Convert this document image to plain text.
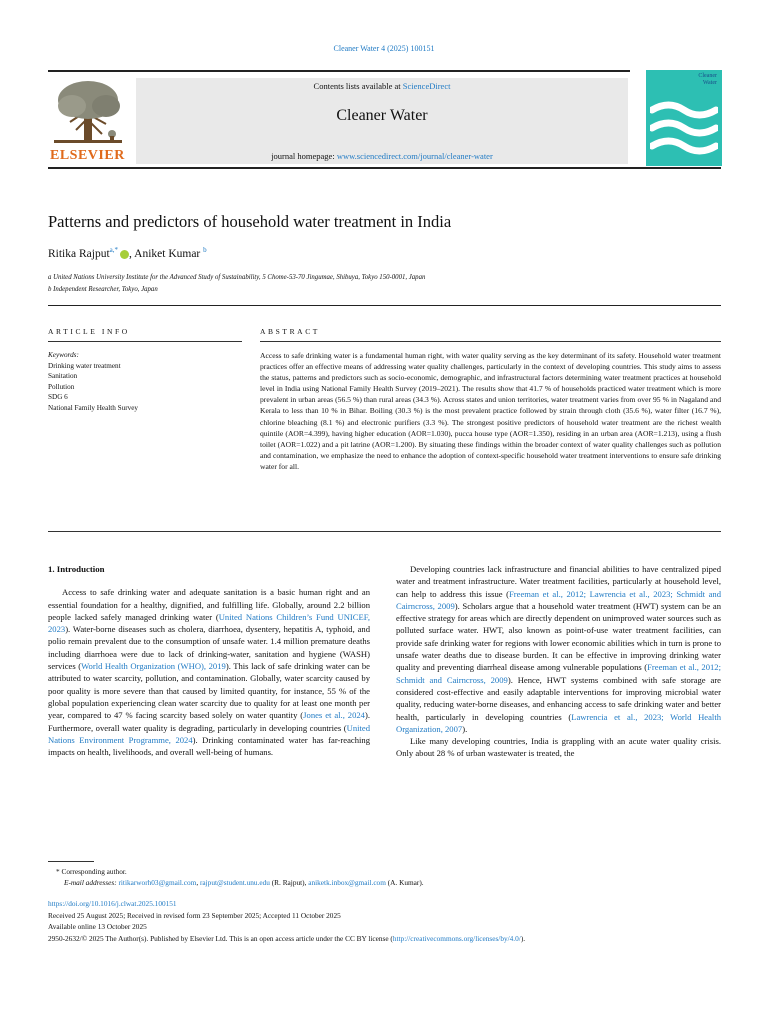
Cleaner Water 4 (2025) 100151
ELSEVIER
Contents lists available at ScienceDirect
Cleaner Water
journal homepage: www.sciencedirect.com/journal/cleaner-water
Cleaner
Water
Patterns and predictors of household water treatment in India
Ritika Rajput$^{a,*}$ , Aniket Kumar $^b$
a United Nations University Institute for the Advanced Study of Sustainability, 5 Chome-53-70 Jingumae, Shibuya, Tokyo 150-0001, Japan
b Independent Researcher, Tokyo, Japan
ARTICLE INFO	ABSTRACT
Keywords:
Drinking water treatment
Sanitation
Pollution
SDG 6
National Family Health Survey
Access to safe drinking water is a fundamental human right, with water quality serving as the key determinant of its safety. Household water treatment practices offer an effective means of addressing water quality challenges, particularly in the context of developing countries. This study aims to assess the status, patterns and predictors such as socio-economic, demographic, and infrastructural factors determining water treatment practices at household level in India using National Family Health Survey (2019–2021). The results show that 41.7 % of households practiced water treatment which is more prevalent in urban areas (56.5 %) than rural areas (34.3 %). Across states and union territories, water treatment varies from over 95 % in Nagaland and Kerala to less than 10 % in Bihar. Boiling (30.3 %) is the most prevalent practice followed by strain through cloth (35.6 %), water filter (16.7 %), chlorine bleaching (8.1 %) and electronic purifiers (3.3 %). The strongest positive predictors of household water treatment are the richest wealth quintile (AOR=4.399), having higher education (AOR=1.030), pucca house type (AOR=1.350), residing in an urban area (AOR=1.213), using a flush toilet (AOR=1.022) and a pit latrine (AOR=1.200). By situating these findings within the broader context of water quality challenges such as pollution and contamination, we emphasize the need to enhance the adoption of context-specific household water treatment interventions to ensure safe drinking water for all.
1. Introduction

Access to safe drinking water and adequate sanitation is a basic human right and an essential foundation for a healthy, dignified, and fulfilling life. Globally, around 2.2 billion people lacked safely managed drinking water (United Nations Children’s Fund UNICEF, 2023). Water-borne diseases such as cholera, diarrhoea, dysentery, hepatitis A, typhoid, and polio remain prevalent due to the consumption of unsafe water. 1.4 million premature deaths including diarrhoea were due to lack of drinking-water, sanitation and hygiene (WASH) services (World Health Organization (WHO), 2019). This lack of safe drinking water can be attributed to water scarcity, pollution, and contamination. Globally, water scarcity caused by poor quality is more severe than that caused by limited quantity, for instance, 55 % of the global population experiencing clean water scarcity due to quality for at least one month per year, compared to 47 % facing scarcity based solely on water quantity (Jones et al., 2024). Furthermore, overall water quality is degrading, particularly in developing countries (United Nations Environment Programme, 2024). Drinking contaminated water has far-reaching impacts on health, livelihoods, and overall well-being of humans.

Developing countries lack infrastructure and financial abilities to have centralized piped water and treatment infrastructure. Water treatment facilities, particularly at household level, can help to address this issue (Freeman et al., 2012; Lawrencia et al., 2023; Schmidt and Cairncross, 2009). Scholars argue that a household water treatment (HWT) system can be an effective strategy for areas which are directly dependent on unimproved water sources such as polluted surface water. HWT, also known as point-of-use water treatment facilities, can provide safe drinking water for regions with lower economic abilities which in turn is prone to unsafe water deaths due to disease burden. It can be effective in improving drinking water quality and preventing diarrheal disease among vulnerable populations (Freeman et al., 2012; Schmidt and Cairncross, 2009). Hence, HWT systems combined with safe storage are considered cost-effective and easily adaptable interventions for improving microbial water quality, reducing water-borne diseases, and enhancing access to safe drinking water and better health, particularly in developing countries (Lawrencia et al., 2023; World Health Organization, 2007).

Like many developing countries, India is grappling with an acute water quality crisis. Only about 28 % of urban wastewater is treated, the

* Corresponding author.
E-mail addresses: ritikarworh03@gmail.com, rajput@student.unu.edu (R. Rajput), aniketk.inbox@gmail.com (A. Kumar).
https://doi.org/10.1016/j.clwat.2025.100151
Received 25 August 2025; Received in revised form 23 September 2025; Accepted 11 October 2025
Available online 13 October 2025
2950-2632/© 2025 The Author(s). Published by Elsevier Ltd. This is an open access article under the CC BY license (http://creativecommons.org/licenses/by/4.0/).
